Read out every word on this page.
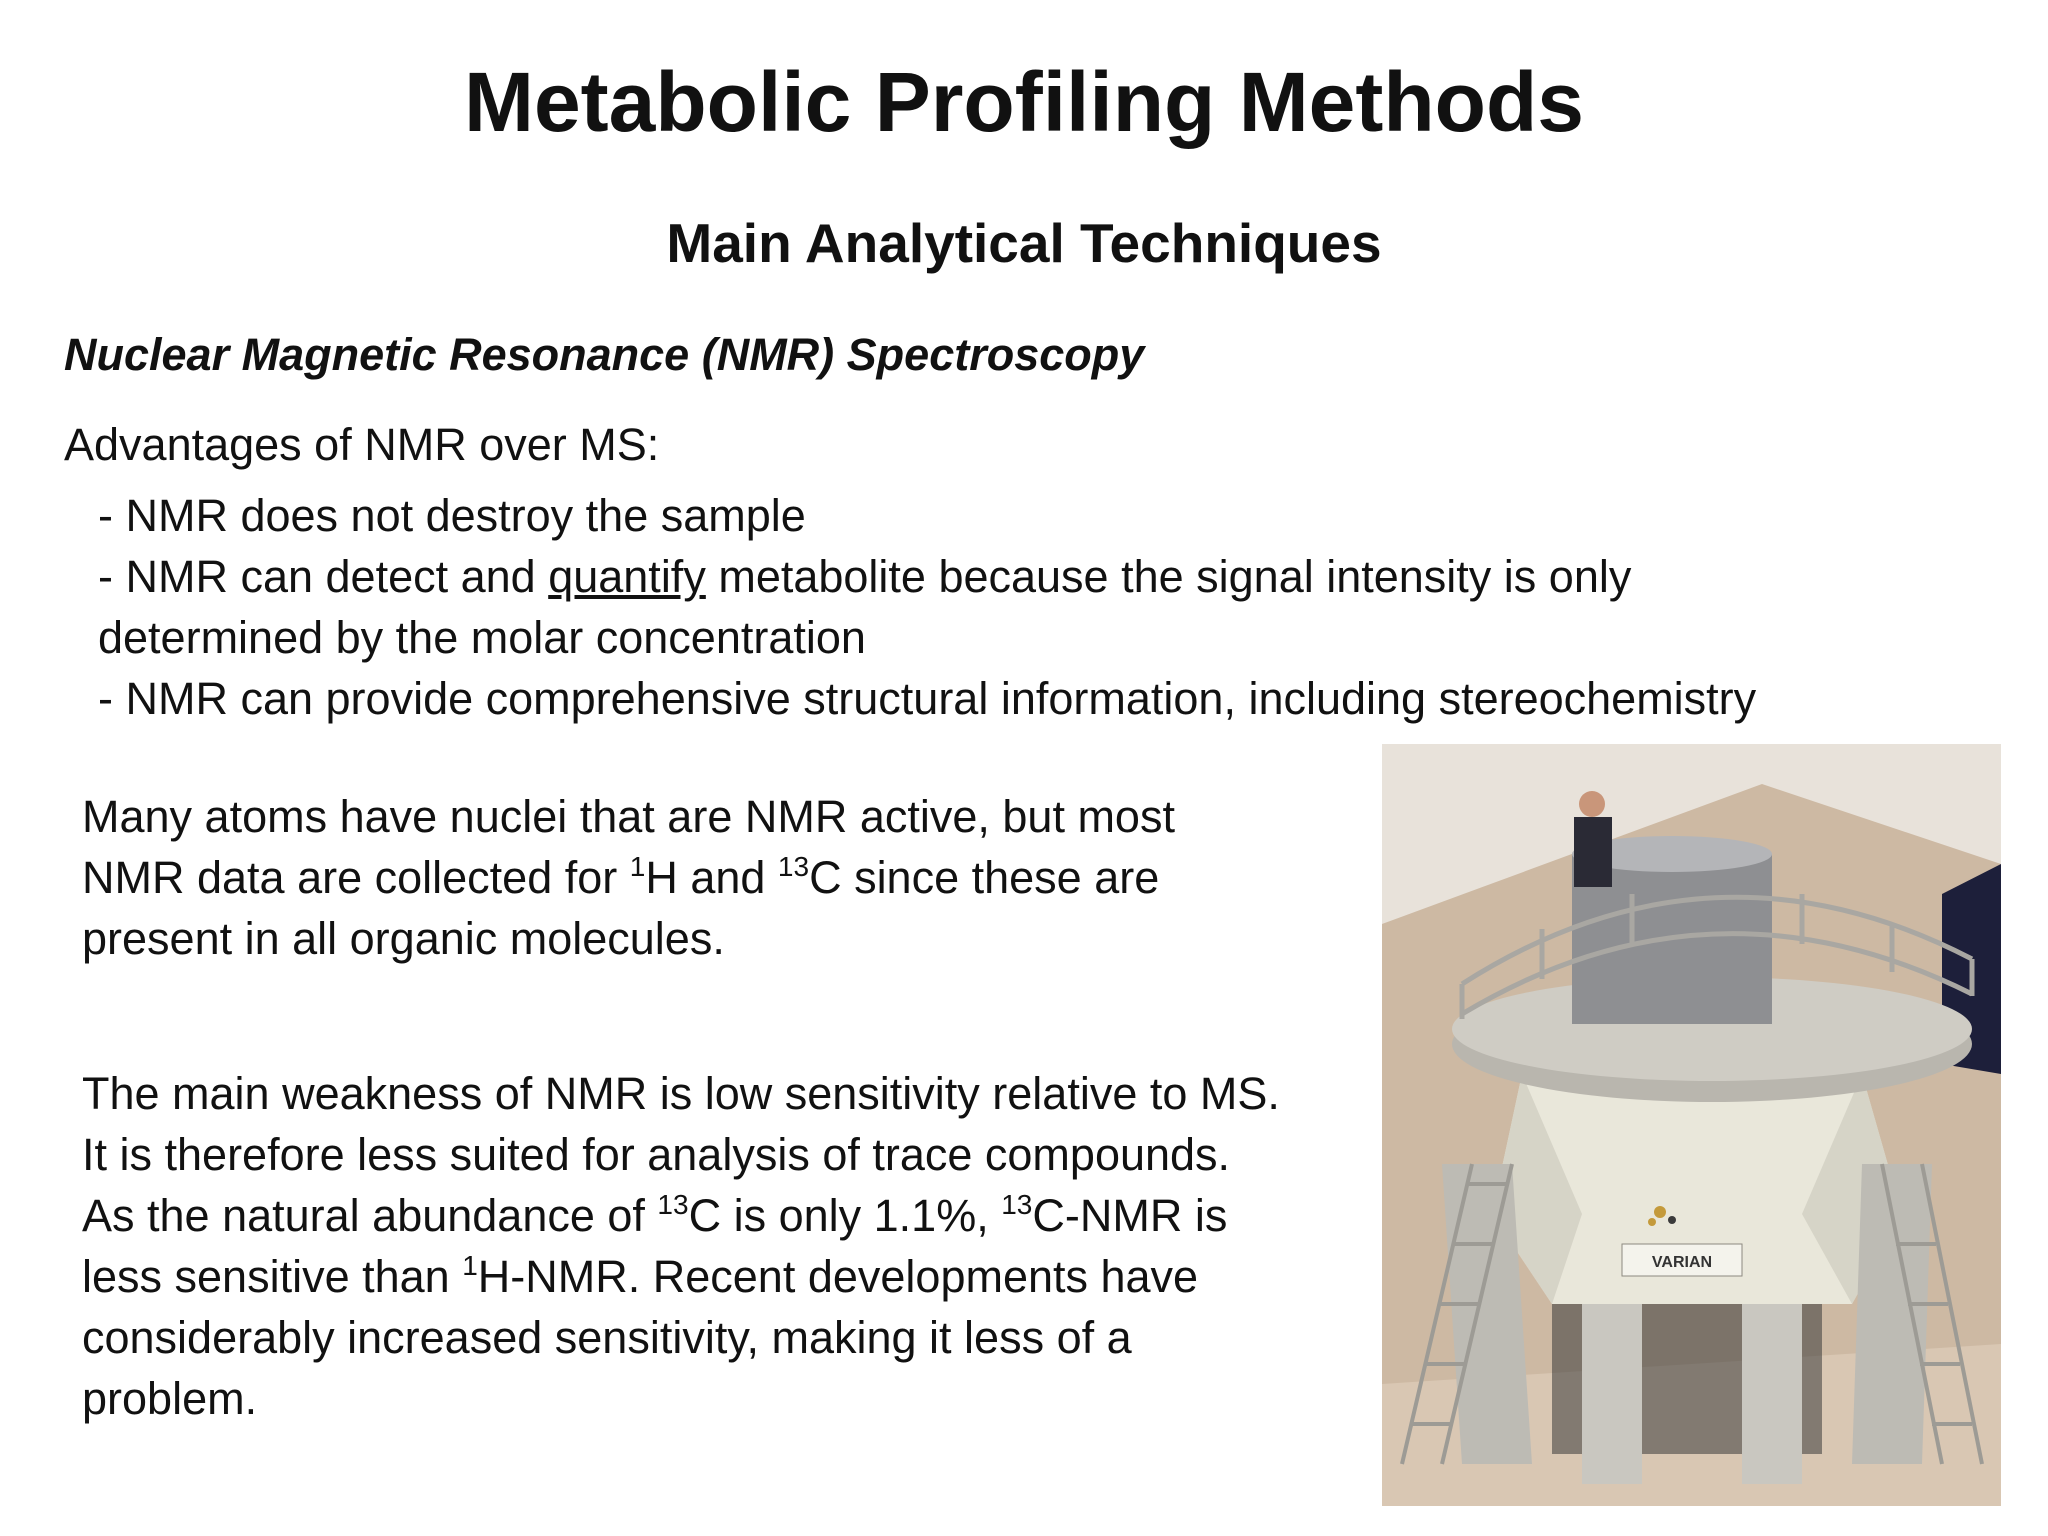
Metabolic Profiling Methods
Main Analytical Techniques
Nuclear Magnetic Resonance (NMR) Spectroscopy
Advantages of NMR over MS:
- NMR does not destroy the sample
- NMR can detect and quantify metabolite because the signal intensity is only
determined by the molar concentration
- NMR can provide comprehensive structural information, including stereochemistry
Many atoms have nuclei that are NMR active, but most
NMR data are collected for $^1$H and $^{13}$C since these are
present in all organic molecules.
The main weakness of NMR is low sensitivity relative to MS.
It is therefore less suited for analysis of trace compounds.
As the natural abundance of $^{13}$C is only 1.1%, $^{13}$C-NMR is
less sensitive than $^1$H-NMR. Recent developments have
considerably increased sensitivity, making it less of a
problem.
VARIAN
